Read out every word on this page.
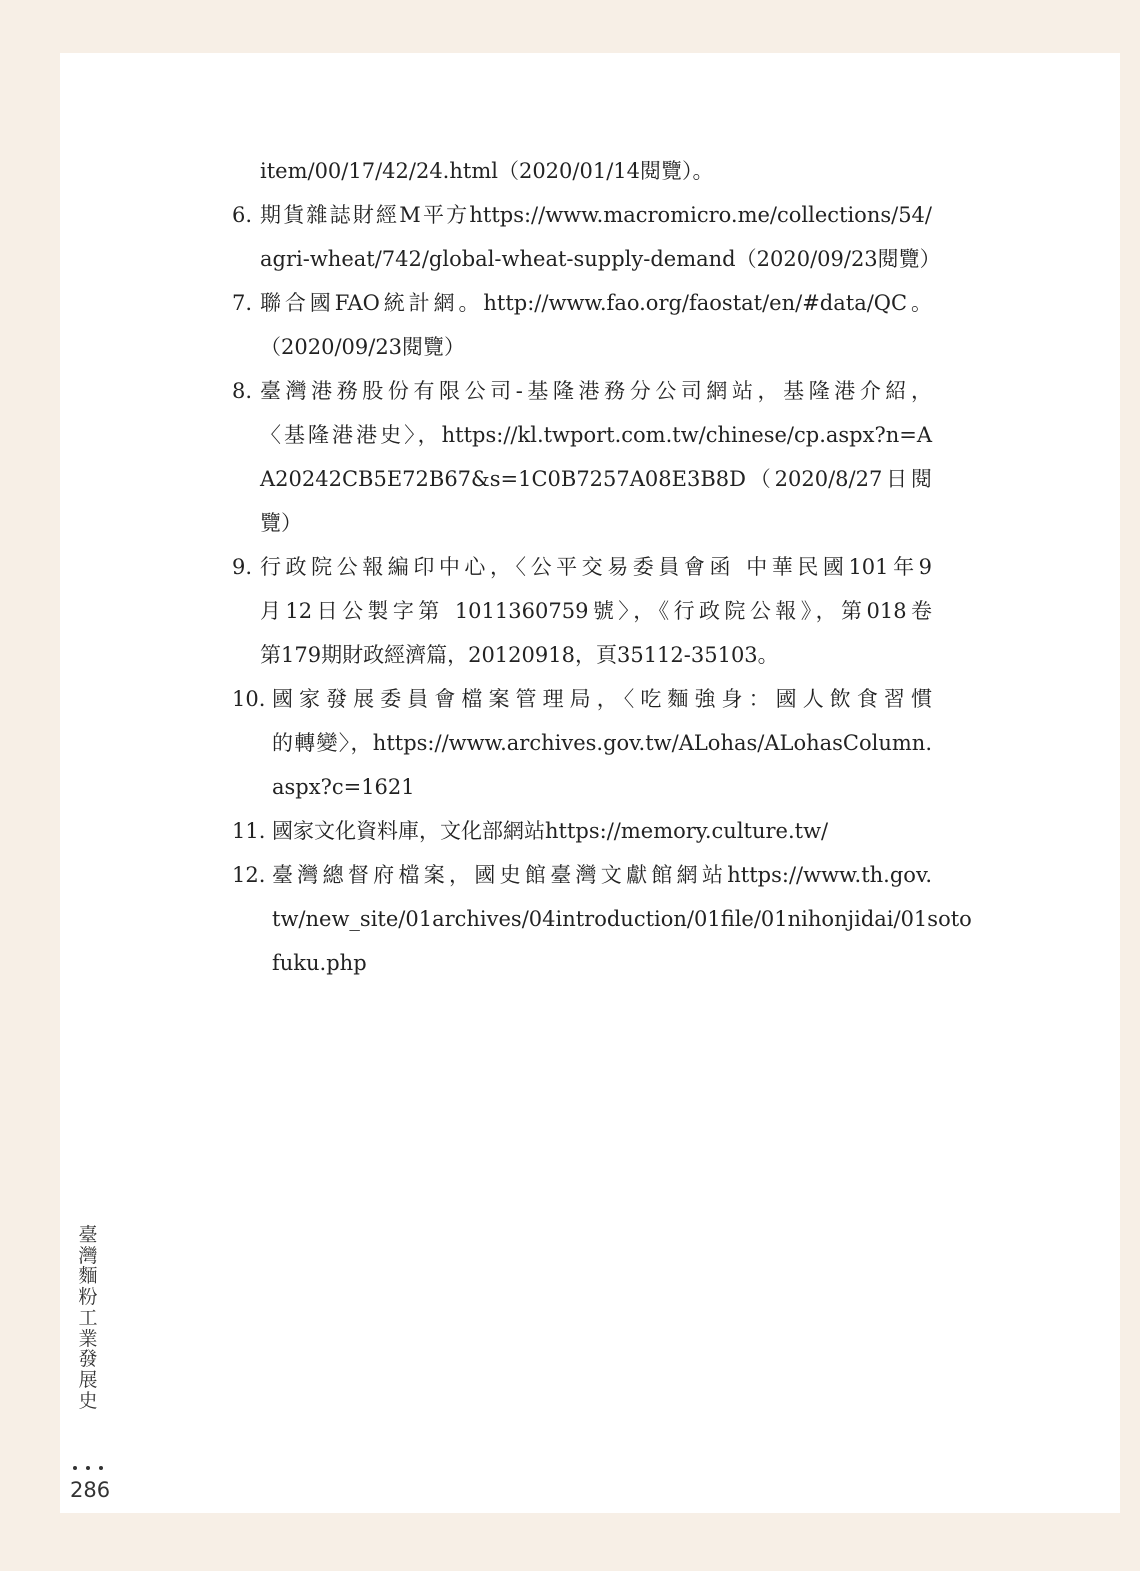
item/00/17/42/24.html（2020/01/14閱覽）。
6. 期貨雜誌財經M平方https://www.macromicro.me/collections/54/
agri-wheat/742/global-wheat-supply-demand（2020/09/23閱覽）
7. 聯合國FAO統計網。http://www.fao.org/faostat/en/#data/QC。
（2020/09/23閱覽）
8. 臺灣港務股份有限公司-基隆港務分公司網站，基隆港介紹，
〈基隆港港史〉，https://kl.twport.com.tw/chinese/cp.aspx?n=A
A20242CB5E72B67&s=1C0B7257A08E3B8D（2020/8/27日閱
覽）
9. 行政院公報編印中心，〈公平交易委員會函 中華民國101年9
月12日公製字第 1011360759號〉，《行政院公報》，第018卷
第179期財政經濟篇，20120918，頁35112-35103。
10. 國家發展委員會檔案管理局，〈吃麵強身：國人飲食習慣
的轉變〉，https://www.archives.gov.tw/ALohas/ALohasColumn.
aspx?c=1621
11. 國家文化資料庫，文化部網站https://memory.culture.tw/
12. 臺灣總督府檔案，國史館臺灣文獻館網站https://www.th.gov.
tw/new_site/01archives/04introduction/01file/01nihonjidai/01soto
fuku.php
臺
灣
麵
粉
工
業
發
展
史
286
